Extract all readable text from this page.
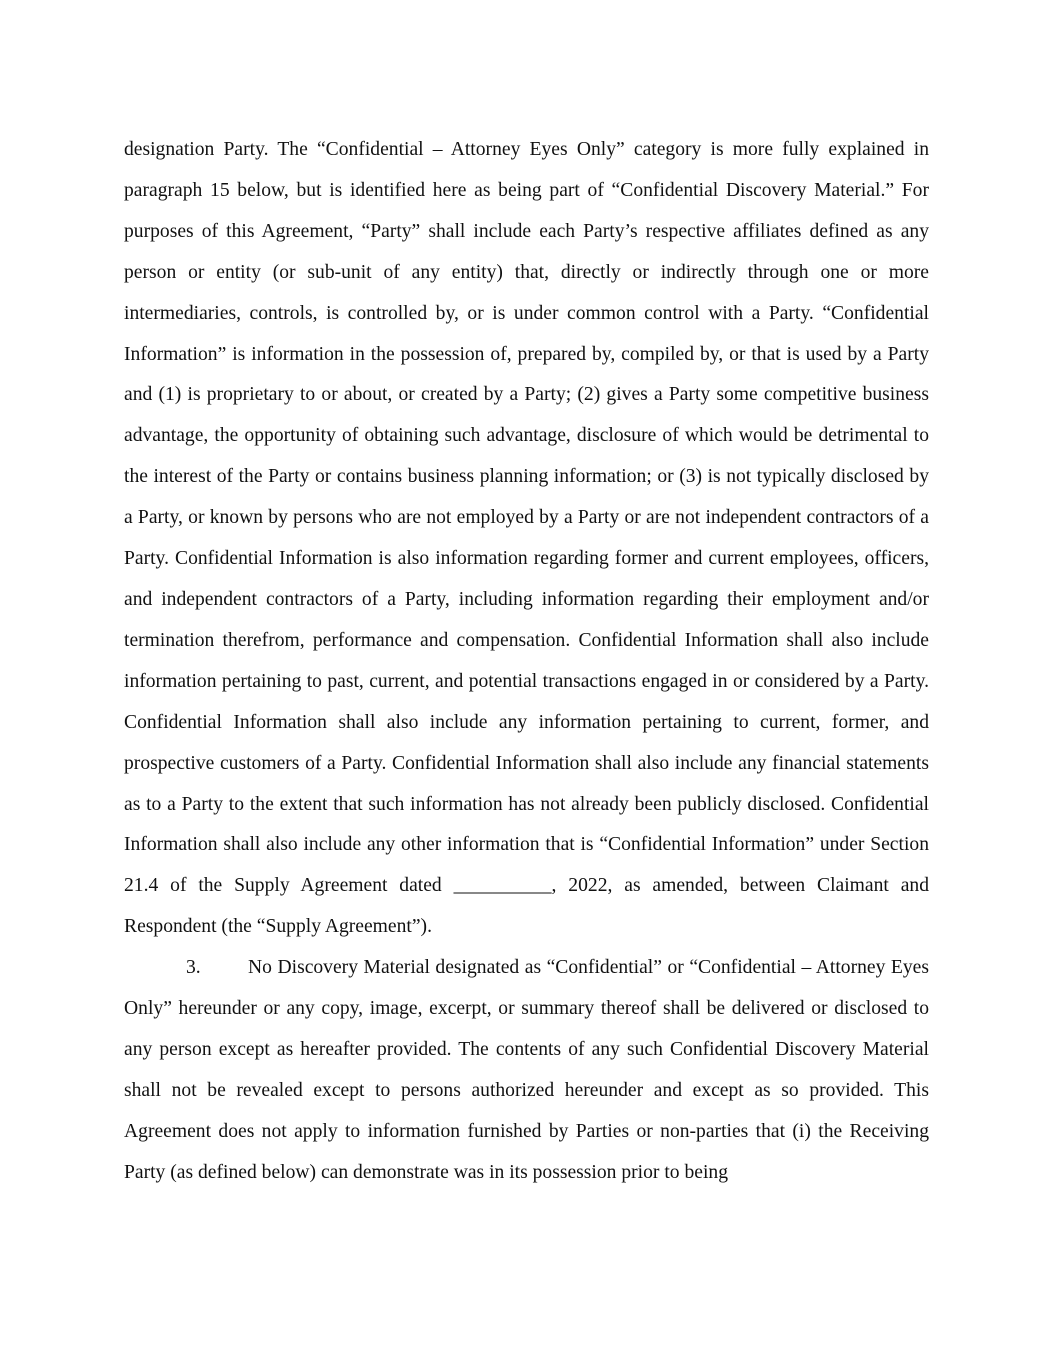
designation Party. The “Confidential – Attorney Eyes Only” category is more fully explained in paragraph 15 below, but is identified here as being part of “Confidential Discovery Material.” For purposes of this Agreement, “Party” shall include each Party’s respective affiliates defined as any person or entity (or sub-unit of any entity) that, directly or indirectly through one or more intermediaries, controls, is controlled by, or is under common control with a Party. “Confidential Information” is information in the possession of, prepared by, compiled by, or that is used by a Party and (1) is proprietary to or about, or created by a Party; (2) gives a Party some competitive business advantage, the opportunity of obtaining such advantage, disclosure of which would be detrimental to the interest of the Party or contains business planning information; or (3) is not typically disclosed by a Party, or known by persons who are not employed by a Party or are not independent contractors of a Party. Confidential Information is also information regarding former and current employees, officers, and independent contractors of a Party, including information regarding their employment and/or termination therefrom, performance and compensation. Confidential Information shall also include information pertaining to past, current, and potential transactions engaged in or considered by a Party. Confidential Information shall also include any information pertaining to current, former, and prospective customers of a Party. Confidential Information shall also include any financial statements as to a Party to the extent that such information has not already been publicly disclosed. Confidential Information shall also include any other information that is “Confidential Information” under Section 21.4 of the Supply Agreement dated __________, 2022, as amended, between Claimant and Respondent (the “Supply Agreement”).

3. No Discovery Material designated as “Confidential” or “Confidential – Attorney Eyes Only” hereunder or any copy, image, excerpt, or summary thereof shall be delivered or disclosed to any person except as hereafter provided. The contents of any such Confidential Discovery Material shall not be revealed except to persons authorized hereunder and except as so provided. This Agreement does not apply to information furnished by Parties or non-parties that (i) the Receiving Party (as defined below) can demonstrate was in its possession prior to being
